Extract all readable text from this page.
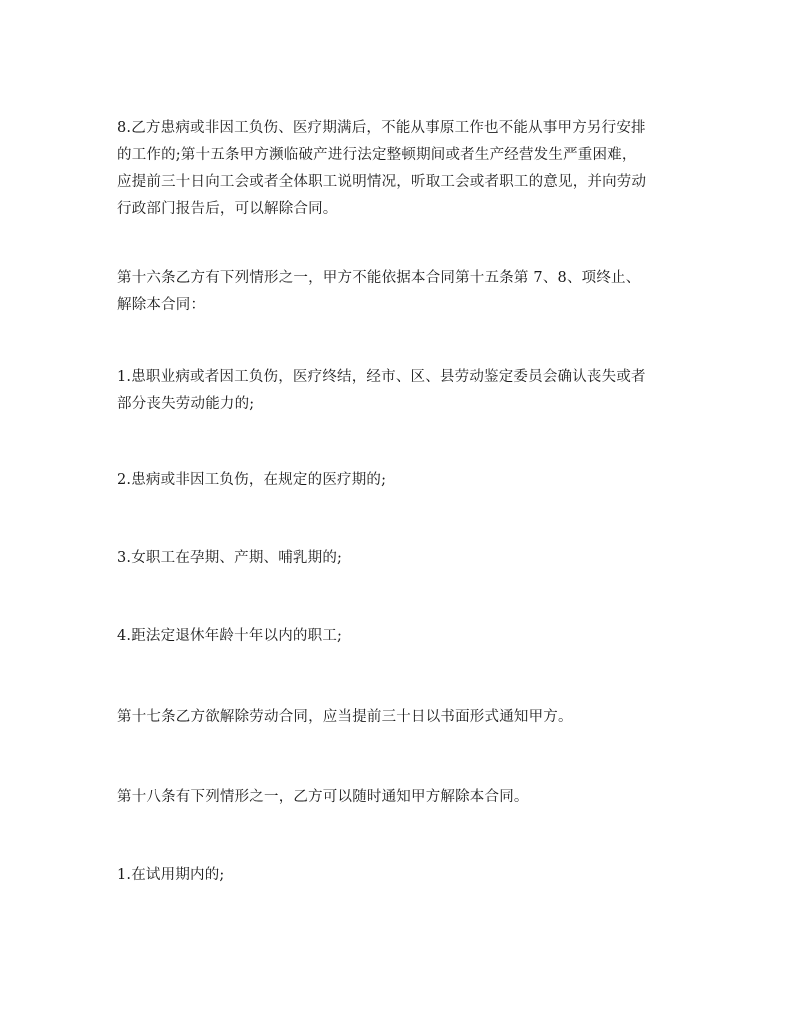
8.乙方患病或非因工负伤、医疗期满后，不能从事原工作也不能从事甲方另行安排
的工作的;第十五条甲方濒临破产进行法定整顿期间或者生产经营发生严重困难，
应提前三十日向工会或者全体职工说明情况，听取工会或者职工的意见，并向劳动
行政部门报告后，可以解除合同。

第十六条乙方有下列情形之一，甲方不能依据本合同第十五条第 7、8、项终止、
解除本合同：

1.患职业病或者因工负伤，医疗终结，经市、区、县劳动鉴定委员会确认丧失或者
部分丧失劳动能力的;

2.患病或非因工负伤，在规定的医疗期的;

3.女职工在孕期、产期、哺乳期的;

4.距法定退休年龄十年以内的职工;

第十七条乙方欲解除劳动合同，应当提前三十日以书面形式通知甲方。

第十八条有下列情形之一，乙方可以随时通知甲方解除本合同。

1.在试用期内的;
